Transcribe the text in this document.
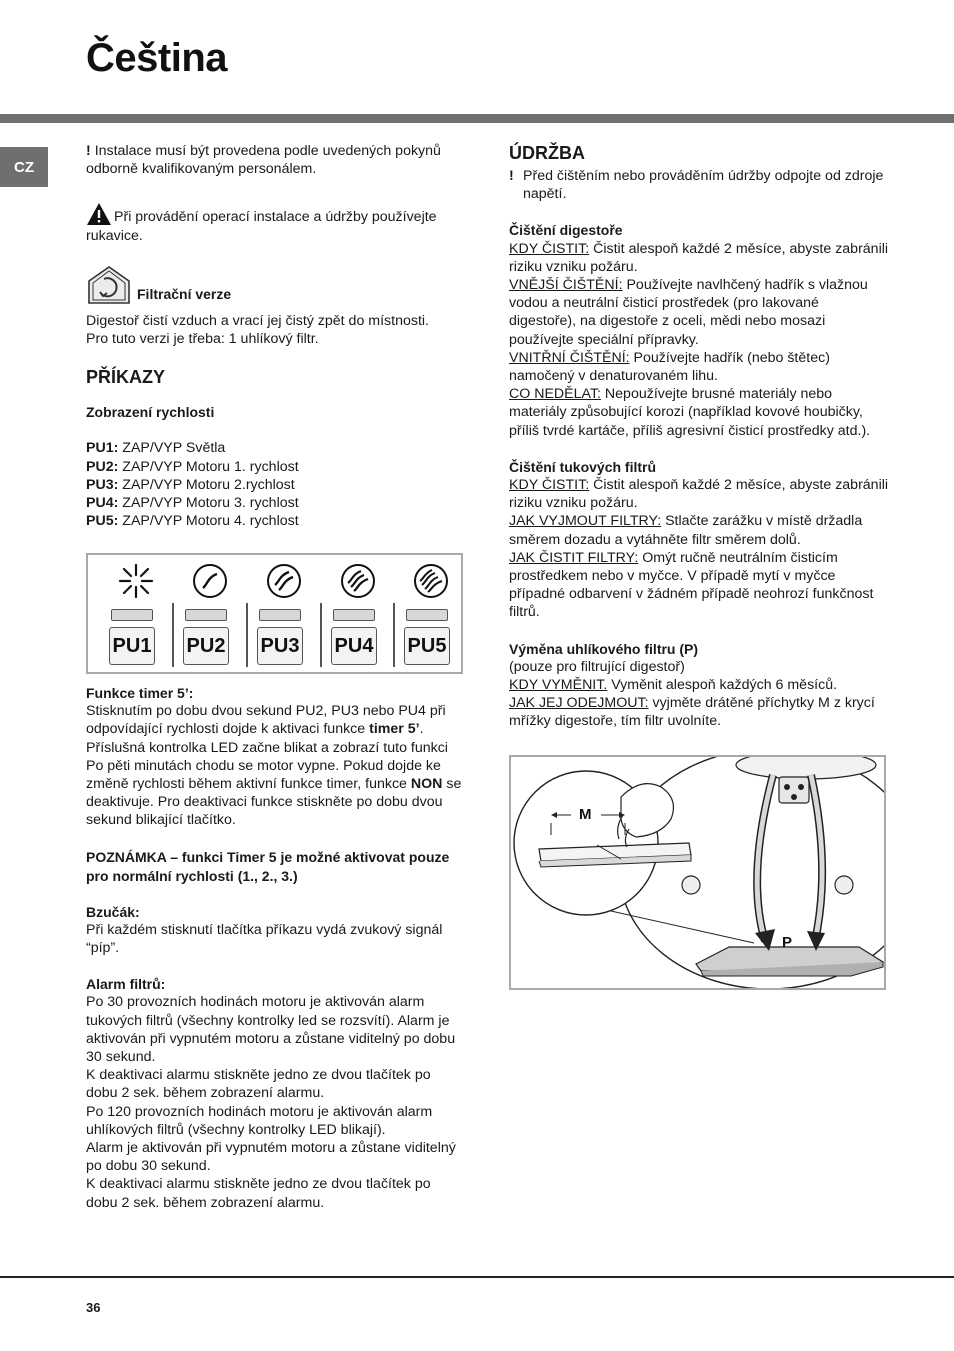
Čeština
CZ

! Instalace musí být provedena podle uvedených pokynů odborně kvalifikovaným personálem.

Při provádění operací instalace a údržby používejte rukavice.

Filtrační verze

Digestoř čistí vzduch a vrací jej čistý zpět do místnosti.

Pro tuto verzi je třeba: 1 uhlíkový filtr.

PŘÍKAZY

Zobrazení rychlosti

PU1: ZAP/VYP Světla

PU2: ZAP/VYP Motoru 1. rychlost

PU3: ZAP/VYP Motoru 2.rychlost

PU4: ZAP/VYP Motoru 3. rychlost

PU5: ZAP/VYP Motoru 4. rychlost

PU1 PU2 PU3 PU4 PU5

Funkce timer 5’:

Stisknutím po dobu dvou sekund PU2, PU3 nebo PU4 při odpovídající rychlosti dojde k aktivaci funkce timer 5’.

Příslušná kontrolka LED začne blikat a zobrazí tuto funkci

Po pěti minutách chodu se motor vypne. Pokud dojde ke změně rychlosti během aktivní funkce timer, funkce NON se deaktivuje. Pro deaktivaci funkce stiskněte po dobu dvou sekund blikající tlačítko.

POZNÁMKA – funkci Timer 5 je možné aktivovat pouze pro normální rychlosti (1., 2., 3.)

Bzučák:

Při každém stisknutí tlačítka příkazu vydá zvukový signál “píp”.

Alarm filtrů:

Po 30 provozních hodinách motoru je aktivován alarm tukových filtrů (všechny kontrolky led se rozsvítí). Alarm je aktivován při vypnutém motoru a zůstane viditelný po dobu 30 sekund.

K deaktivaci alarmu stiskněte jedno ze dvou tlačítek po dobu 2 sek. během zobrazení alarmu.

Po 120 provozních hodinách motoru je aktivován alarm uhlíkových filtrů (všechny kontrolky LED blikají).

Alarm je aktivován při vypnutém motoru a zůstane viditelný po dobu 30 sekund.

K deaktivaci alarmu stiskněte jedno ze dvou tlačítek po dobu 2 sek. během zobrazení alarmu.

ÚDRŽBA

! Před čištěním nebo prováděním údržby odpojte od zdroje napětí.

Čištění digestoře

KDY ČISTIT: Čistit alespoň každé 2 měsíce, abyste zabránili riziku vzniku požáru.

VNĚJŠÍ ČIŠTĚNÍ: Používejte navlhčený hadřík s vlažnou vodou a neutrální čisticí prostředek (pro lakované digestoře), na digestoře z oceli, mědi nebo mosazi používejte speciální přípravky.

VNITŘNÍ ČIŠTĚNÍ: Používejte hadřík (nebo štětec) namočený v denaturovaném lihu.

CO NEDĚLAT: Nepoužívejte brusné materiály nebo materiály způsobující korozi (například kovové houbičky, příliš tvrdé kartáče, příliš agresivní čisticí prostředky atd.).

Čištění tukových filtrů

KDY ČISTIT: Čistit alespoň každé 2 měsíce, abyste zabránili riziku vzniku požáru.

JAK VYJMOUT FILTRY: Stlačte zarážku v místě držadla směrem dozadu a vytáhněte filtr směrem dolů.

JAK ČISTIT FILTRY: Omýt ručně neutrálním čisticím prostředkem nebo v myčce. V případě mytí v myčce případné odbarvení v žádném případě neohrozí funkčnost filtrů.

Výměna uhlíkového filtru (P)

(pouze pro filtrující digestoř)

KDY VYMĚNIT. Vyměnit alespoň každých 6 měsíců.

JAK JEJ ODEJMOUT: vyjměte drátěné příchytky M z krycí mřížky digestoře, tím filtr uvolníte.

M
P
36
